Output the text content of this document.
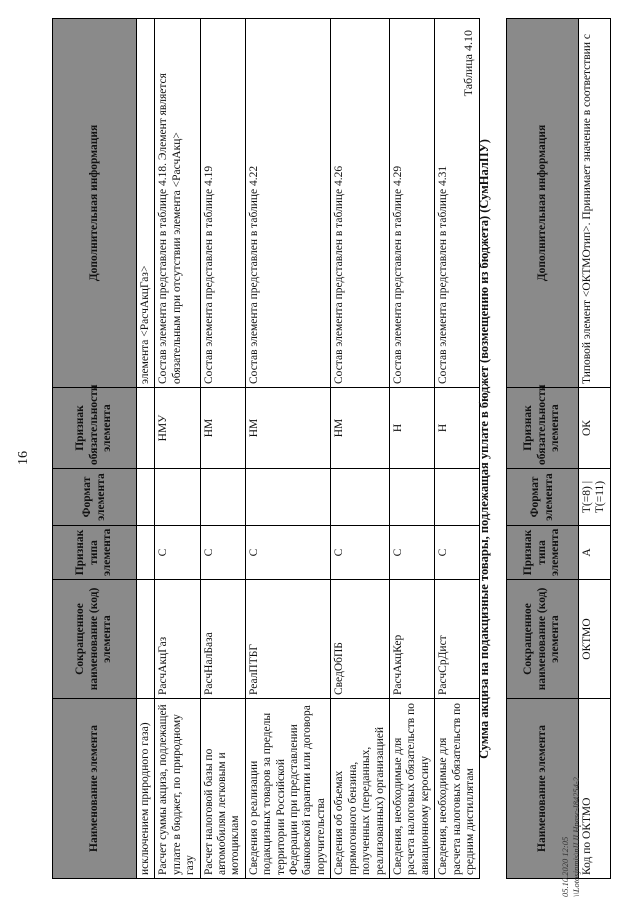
16
Наименование элемента	Сокращенное наименование (код) элемента	Признак типа элемента	Формат элемента	Признак обязательности элемента	Дополнительная информация
исключением природного газа)					элемента <РасчАкцГаз>
Расчет суммы акциза, подлежащей уплате в бюджет, по природному газу	РасчАкцГаз	С		НМУ	Состав элемента представлен в таблице 4.18. Элемент является обязательным при отсутствии элемента <РасчАкц>
Расчет налоговой базы по автомобилям легковым и мотоциклам	РасчНалБаза	С		НМ	Состав элемента представлен в таблице 4.19
Сведения о реализации подакцизных товаров за пределы территории Российской Федерации при представлении банковской гарантии или договора поручительства	РеалПТБГ	С		НМ	Состав элемента представлен в таблице 4.22
Сведения об объемах прямогонного бензина, полученных (переданных, реализованных) организацией	СведОбПБ	С		НМ	Состав элемента представлен в таблице 4.26
Сведения, необходимые для расчета налоговых обязательств по авиационному керосину	РасчАкцКер	С		Н	Состав элемента представлен в таблице 4.29
Сведения, необходимые для расчета налоговых обязательств по средним дистиллятам	РасчСрДист	С		Н	Состав элемента представлен в таблице 4.31
Таблица 4.10
Сумма акциза на подакцизные товары, подлежащая уплате в бюджет (возмещению из бюджета) (СумНалПУ)
Наименование элемента	Сокращенное наименование (код) элемента	Признак типа элемента	Формат элемента	Признак обязательности элемента	Дополнительная информация
Код по ОКТМО	ОКТМО	А	T(=8) | T(=11)	ОК	Типовой элемент <ОКТМОтип>. Принимает значение в соответствии с
05.10.2020 12:05 \\Lotosjnmis\nII.II.Hpasc-I84254-2
